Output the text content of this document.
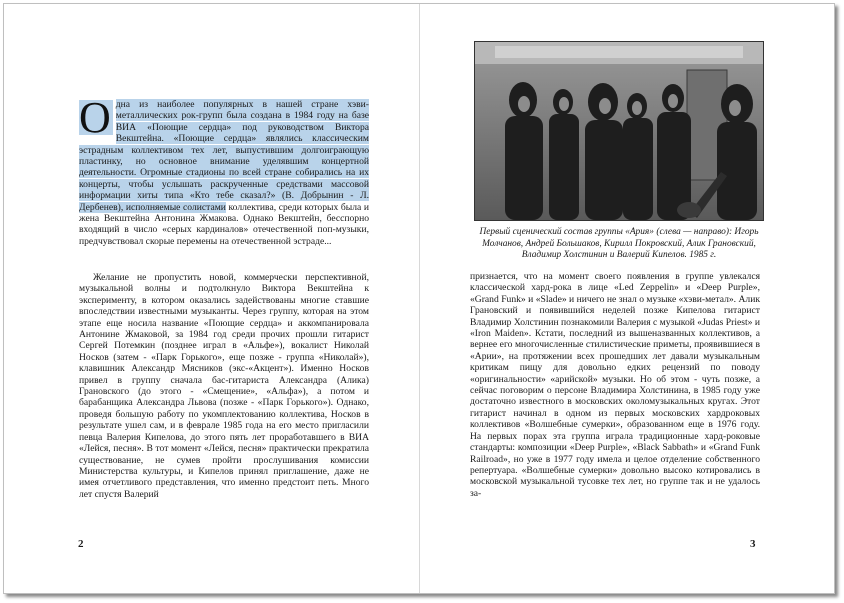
О дна из наиболее популярных в нашей стране хэви-металлических рок-групп была создана в 1984 году на базе ВИА «Поющие сердца» под руководством Виктора Векштейна. «Поющие сердца» являлись классическим эстрадным коллективом тех лет, выпустившим долгоиграющую пластинку, но основное внимание уделявшим концертной деятельности. Огромные стадионы по всей стране собирались на их концерты, чтобы услышать раскрученные средствами массовой информации хиты типа «Кто тебе сказал?» (В. Добрынин - Л. Дербенев), исполняемые солистами коллектива, среди которых была и жена Векштейна Антонина Жмакова. Однако Векштейн, бесспорно входящий в число «серых кардиналов» отечественной поп-музыки, предчувствовал скорые перемены на отечественной эстраде...

Желание не пропустить новой, коммерчески перспективной, музыкальной волны и подтолкнуло Виктора Векштейна к эксперименту, в котором оказались задействованы многие ставшие впоследствии известными музыканты. Через группу, которая на этом этапе еще носила название «Поющие сердца» и аккомпанировала Антонине Жмаковой, за 1984 год среди прочих прошли гитарист Сергей Потемкин (позднее играл в «Альфе»), вокалист Николай Носков (затем - «Парк Горького», еще позже - группа «Николай»), клавишник Александр Мясников (экс-«Акцент»). Именно Носков привел в группу сначала бас-гитариста Александра (Алика) Грановского (до этого - «Смещение», «Альфа»), а потом и барабанщика Александра Львова (позже - «Парк Горького»). Однако, проведя большую работу по укомплектованию коллектива, Носков в результате ушел сам, и в феврале 1985 года на его место пригласили певца Валерия Кипелова, до этого пять лет проработавшего в ВИА «Лейся, песня». В тот момент «Лейся, песня» практически прекратила существование, не сумев пройти прослушивания комиссии Министерства культуры, и Кипелов принял приглашение, даже не имея отчетливого представления, что именно предстоит петь. Много лет спустя Валерий

2

Первый сценический состав группы «Ария» (слева — направо): Игорь Молчанов, Андрей Большаков, Кирилл Покровский, Алик Грановский, Владимир Холстинин и Валерий Кипелов. 1985 г.

признается, что на момент своего появления в группе увлекался классической хард-рока в лице «Led Zeppelin» и «Deep Purple», «Grand Funk» и «Slade» и ничего не знал о музыке «хэви-метал». Алик Грановский и появившийся неделей позже Кипелова гитарист Владимир Холстинин познакомили Валерия с музыкой «Judas Priest» и «Iron Maiden». Кстати, последний из вышеназванных коллективов, а вернее его многочисленные стилистические приметы, проявившиеся в «Арии», на протяжении всех прошедших лет давали музыкальным критикам пищу для довольно едких рецензий по поводу «оригинальности» «арийской» музыки. Но об этом - чуть позже, а сейчас поговорим о персоне Владимира Холстинина, в 1985 году уже достаточно известного в московских околомузыкальных кругах. Этот гитарист начинал в одном из первых московских хардроковых коллективов «Волшебные сумерки», образованном еще в 1976 году. На первых порах эта группа играла традиционные хард-роковые стандарты: композиции «Deep Purple», «Black Sabbath» и «Grand Funk Railroad», но уже в 1977 году имела и целое отделение собственного репертуара. «Волшебные сумерки» довольно высоко котировались в московской музыкальной тусовке тех лет, но группе так и не удалось за-

3
